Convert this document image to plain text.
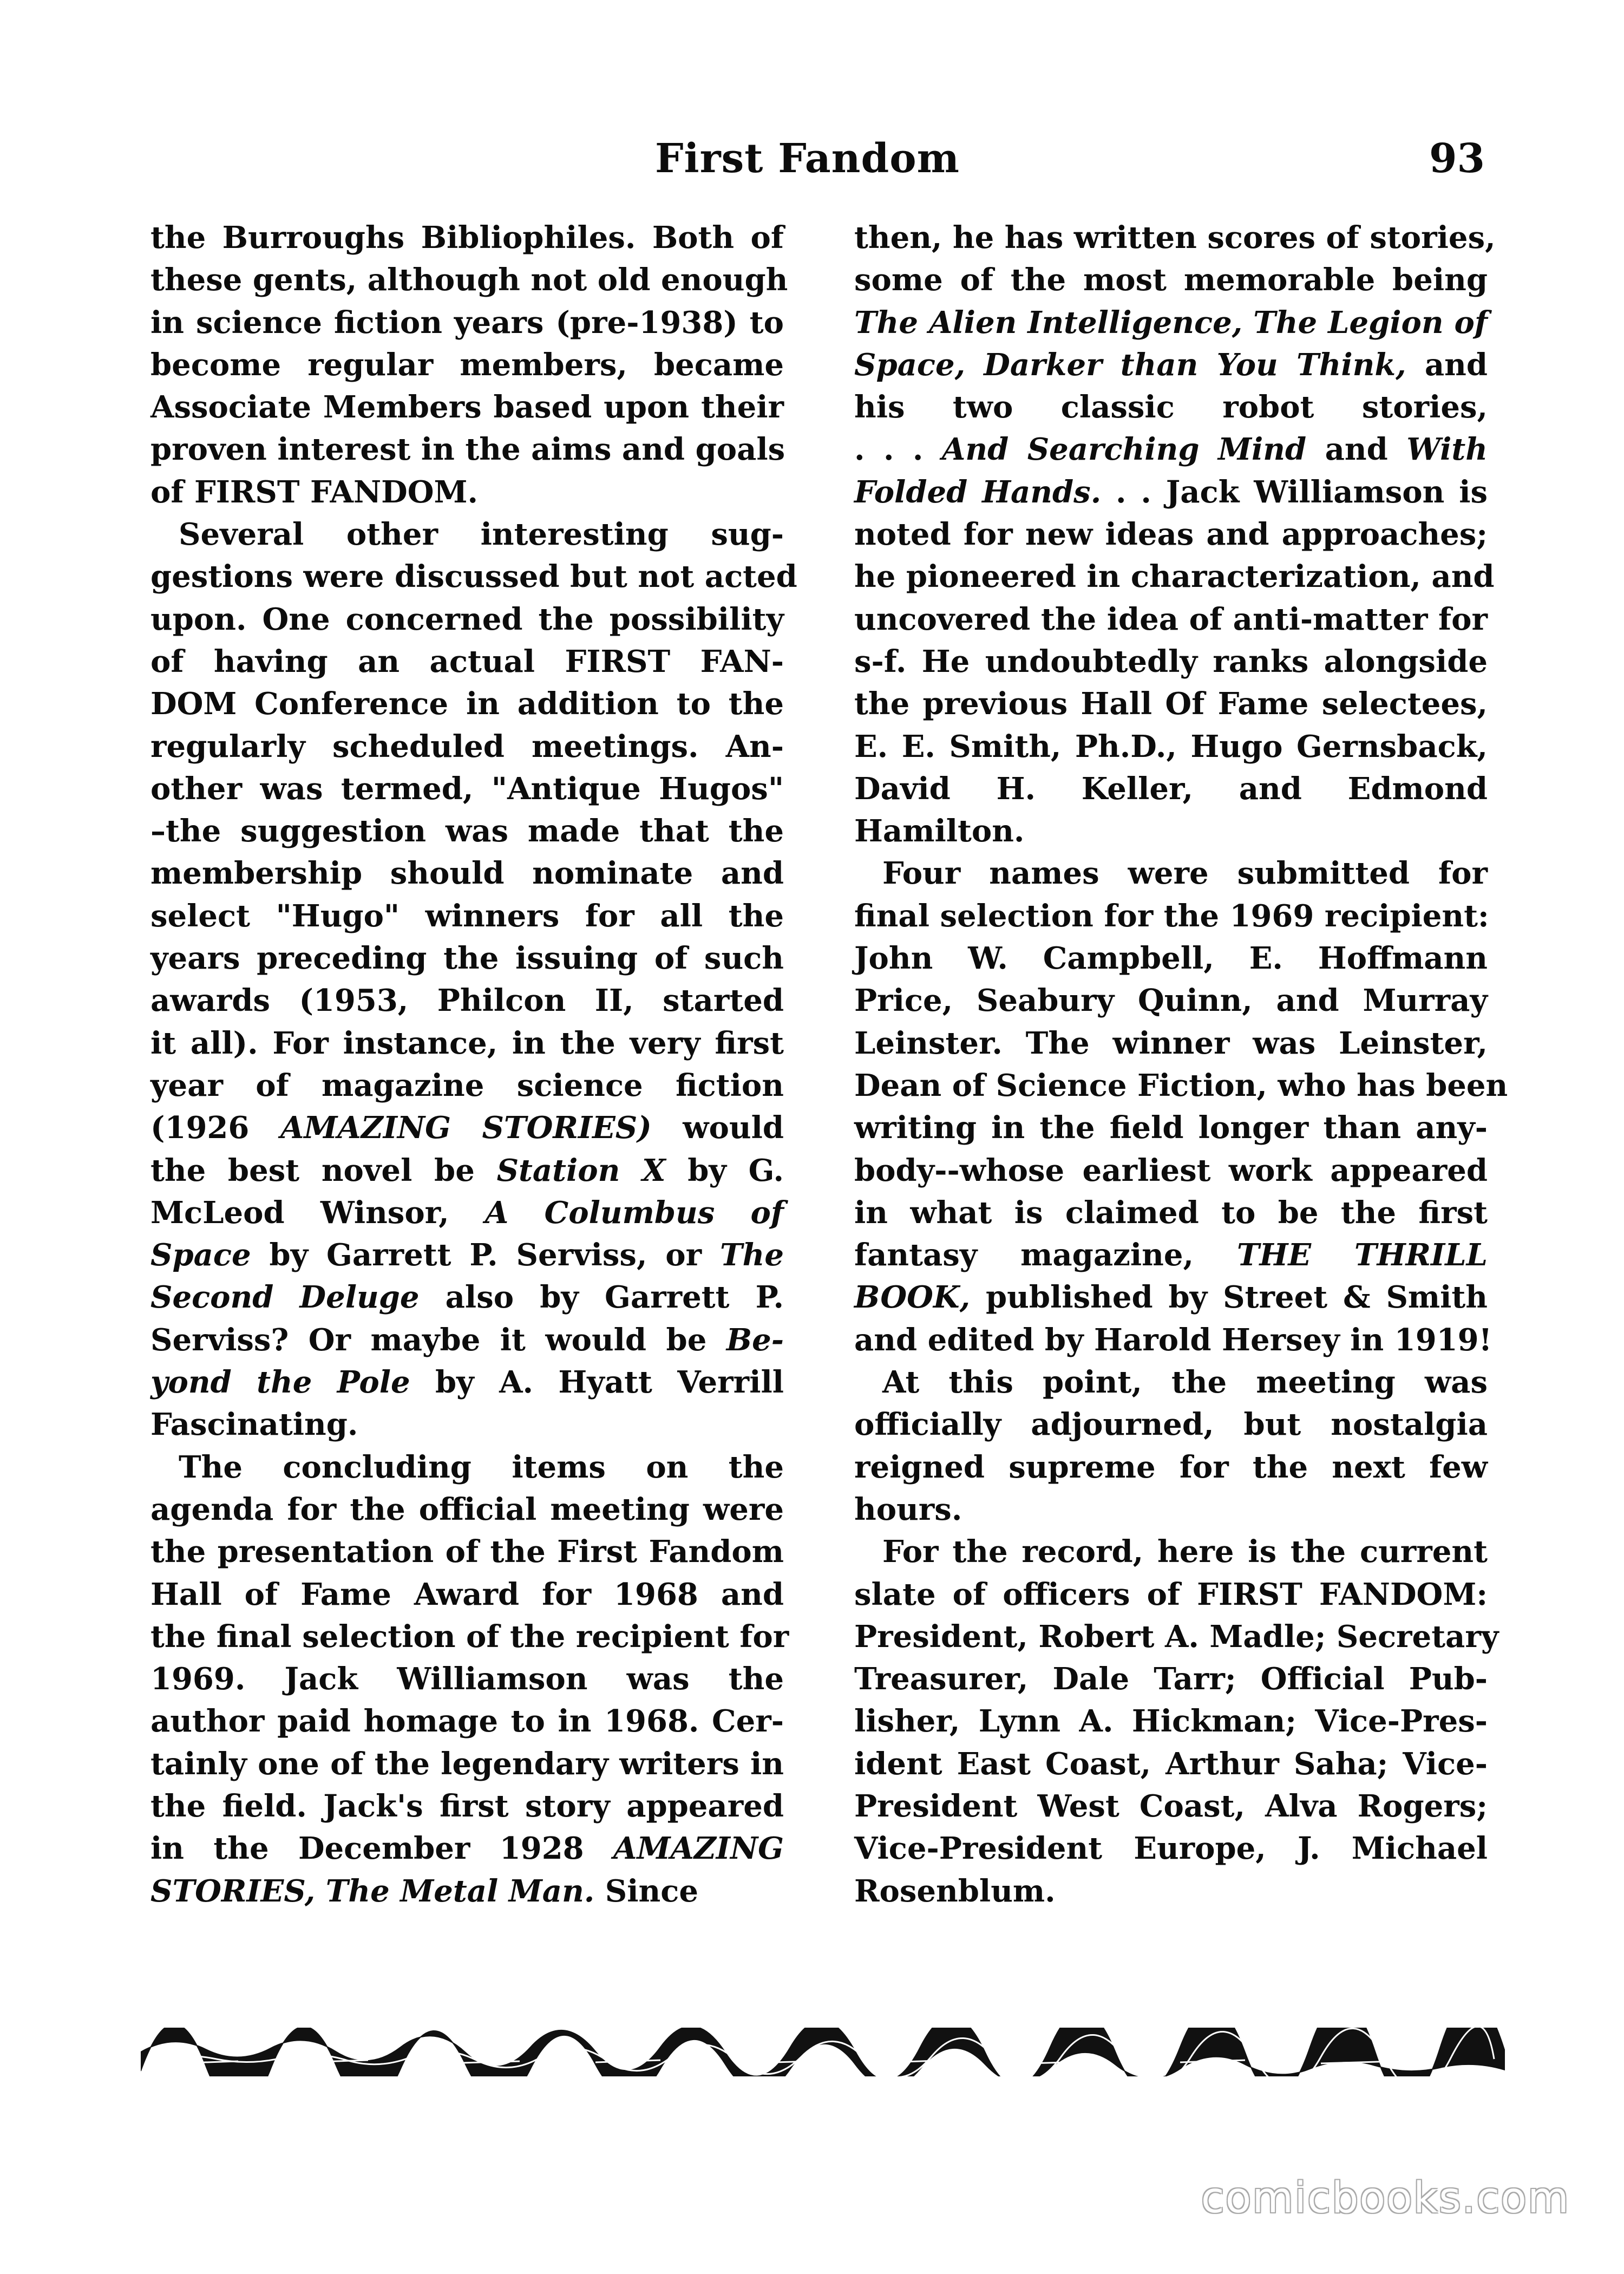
First Fandom	93
the Burroughs Bibliophiles. Both of
these gents, although not old enough
in science fiction years (pre-1938) to
become regular members, became
Associate Members based upon their
proven interest in the aims and goals
of FIRST FANDOM.
Several other interesting sug-
gestions were discussed but not acted
upon. One concerned the possibility
of having an actual FIRST FAN-
DOM Conference in addition to the
regularly scheduled meetings. An-
other was termed, "Antique Hugos"
–the suggestion was made that the
membership should nominate and
select "Hugo" winners for all the
years preceding the issuing of such
awards (1953, Philcon II, started
it all). For instance, in the very first
year of magazine science fiction
(1926 AMAZING STORIES) would
the best novel be Station X by G.
McLeod Winsor, A Columbus of
Space by Garrett P. Serviss, or The
Second Deluge also by Garrett P.
Serviss? Or maybe it would be Be-
yond the Pole by A. Hyatt Verrill
Fascinating.
The concluding items on the
agenda for the official meeting were
the presentation of the First Fandom
Hall of Fame Award for 1968 and
the final selection of the recipient for
1969. Jack Williamson was the
author paid homage to in 1968. Cer-
tainly one of the legendary writers in
the field. Jack's first story appeared
in the December 1928 AMAZING
STORIES, The Metal Man. Since
then, he has written scores of stories,
some of the most memorable being
The Alien Intelligence, The Legion of
Space, Darker than You Think, and
his two classic robot stories,
. . . And Searching Mind and With
Folded Hands. . . Jack Williamson is
noted for new ideas and approaches;
he pioneered in characterization, and
uncovered the idea of anti-matter for
s-f. He undoubtedly ranks alongside
the previous Hall Of Fame selectees,
E. E. Smith, Ph.D., Hugo Gernsback,
David H. Keller, and Edmond
Hamilton.
Four names were submitted for
final selection for the 1969 recipient:
John W. Campbell, E. Hoffmann
Price, Seabury Quinn, and Murray
Leinster. The winner was Leinster,
Dean of Science Fiction, who has been
writing in the field longer than any-
body--whose earliest work appeared
in what is claimed to be the first
fantasy magazine, THE THRILL
BOOK, published by Street & Smith
and edited by Harold Hersey in 1919!
At this point, the meeting was
officially adjourned, but nostalgia
reigned supreme for the next few
hours.
For the record, here is the current
slate of officers of FIRST FANDOM:
President, Robert A. Madle; Secretary
Treasurer, Dale Tarr; Official Pub-
lisher, Lynn A. Hickman; Vice-Pres-
ident East Coast, Arthur Saha; Vice-
President West Coast, Alva Rogers;
Vice-President Europe, J. Michael
Rosenblum.
comicbooks.com
